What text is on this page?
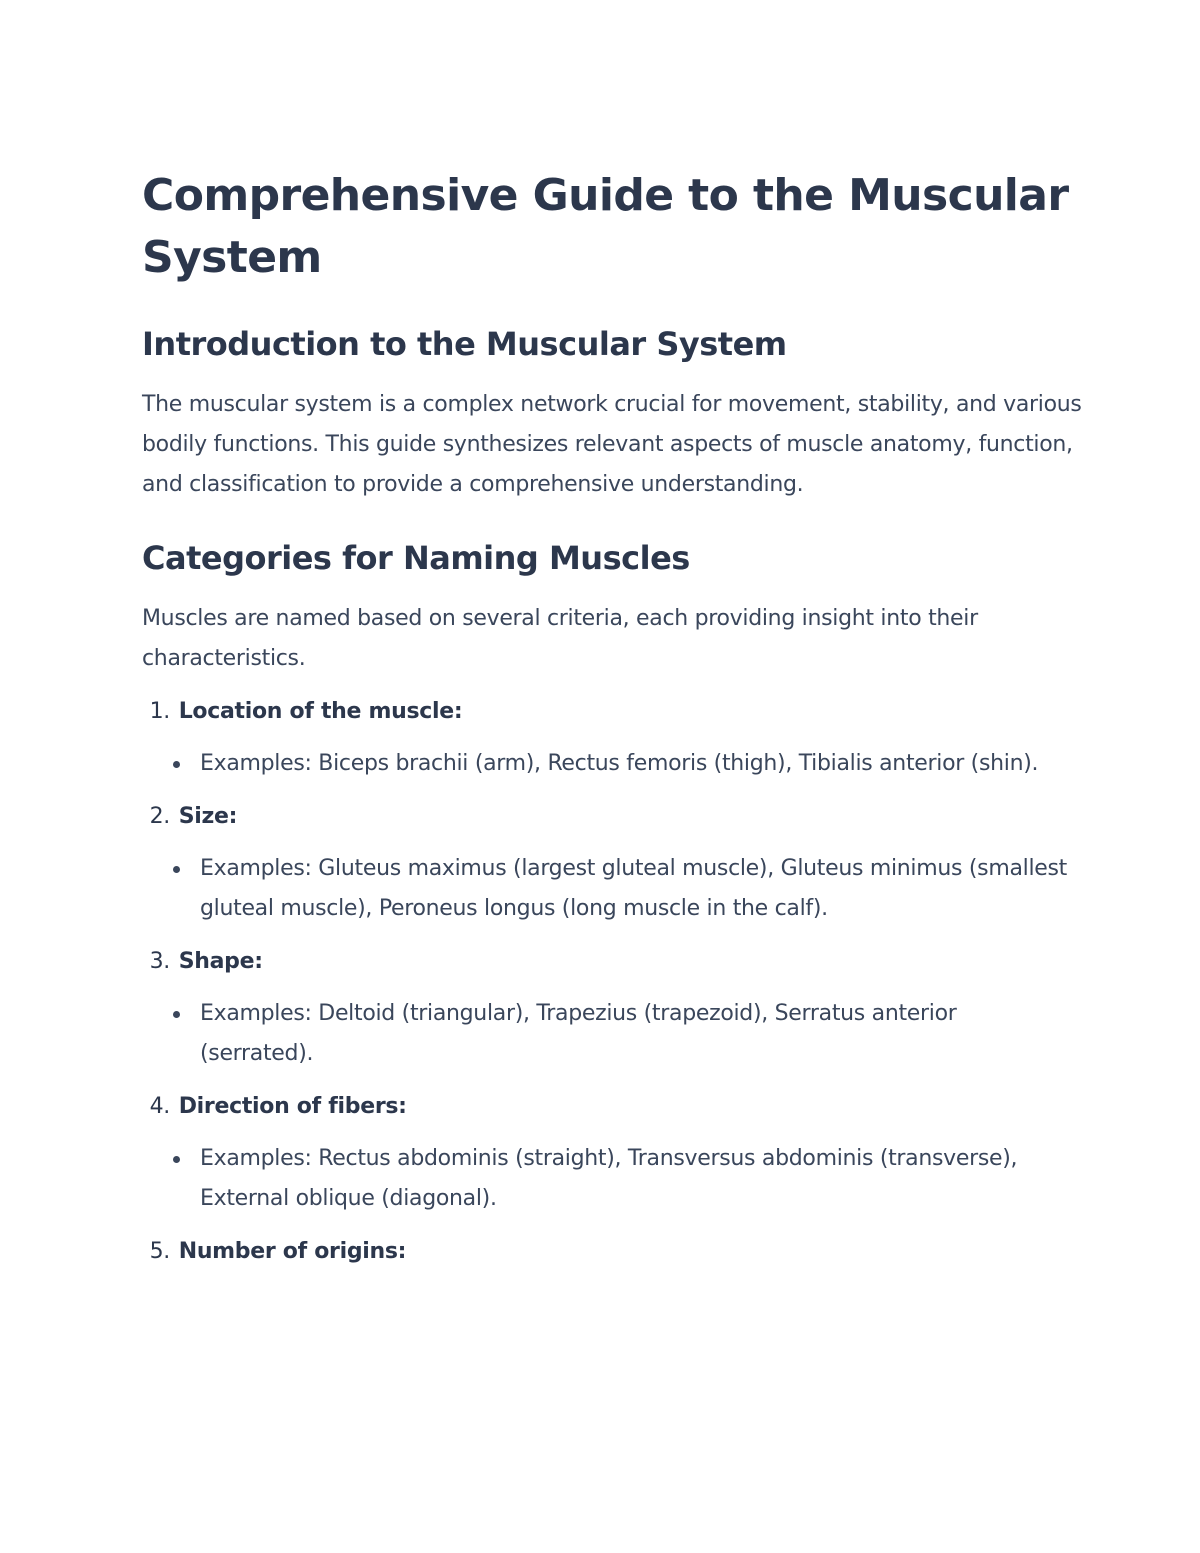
Comprehensive Guide to the Muscular System
Introduction to the Muscular System

The muscular system is a complex network crucial for movement, stability, and various bodily functions. This guide synthesizes relevant aspects of muscle anatomy, function, and classification to provide a comprehensive understanding.

Categories for Naming Muscles

Muscles are named based on several criteria, each providing insight into their characteristics.

1. Location of the muscle:
Examples: Biceps brachii (arm), Rectus femoris (thigh), Tibialis anterior (shin).
2. Size:
Examples: Gluteus maximus (largest gluteal muscle), Gluteus minimus (smallest gluteal muscle), Peroneus longus (long muscle in the calf).
3. Shape:
Examples: Deltoid (triangular), Trapezius (trapezoid), Serratus anterior (serrated).
4. Direction of fibers:
Examples: Rectus abdominis (straight), Transversus abdominis (transverse), External oblique (diagonal).
5. Number of origins:
